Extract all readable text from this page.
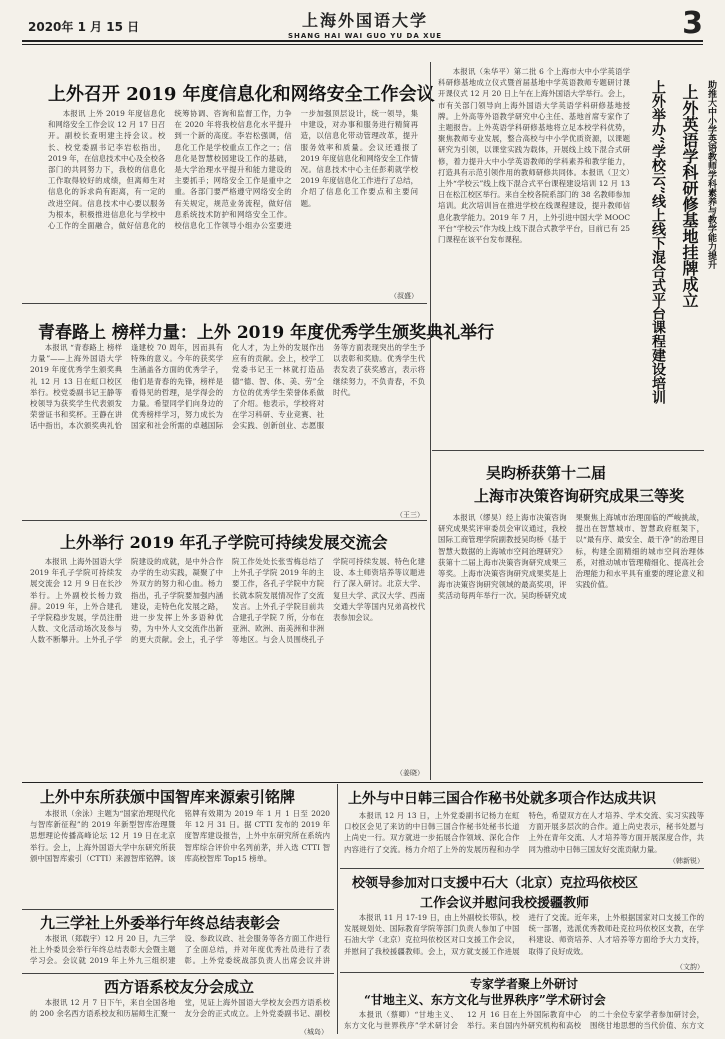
2020年 1 月 15 日	上海外国语大学
SHANG HAI WAI GUO YU DA XUE	3
上外召开 2019 年度信息化和网络安全工作会议

本报讯 上外 2019 年度信息化和网络安全工作会议 12 月 17 日召开。副校长查明建主持会议。校长、校党委副书记李岩松指出，2019 年，在信息技术中心及全校各部门的共同努力下，我校的信息化工作取得较好的成绩，但离师生对信息化的诉求尚有距离，有一定的改进空间。信息技术中心要以服务为根本，积极推进信息化与学校中心工作的全面融合，做好信息化的统筹协调、咨询和监督工作，力争在 2020 年将我校信息化水平提升到一个新的高度。李岩松强调，信息化工作是学校重点工作之一；信息化是智慧校园建设工作的基础，是大学治理水平提升和能力建设的主要抓手；网络安全工作是重中之重。各部门要严格遵守网络安全的有关规定，规范业务流程，做好信息系统技术防护和网络安全工作。校信息化工作领导小组办公室要进一步加强顶层设计，统一领导，集中建设，对办事和服务进行精简再造，以信息化带动管理改革，提升服务效率和质量。会议还通报了 2019 年度信息化和网络安全工作情况。信息技术中心主任彭莉就学校 2019 年度信息化工作进行了总结，介绍了信息化工作要点和主要问题。

（叔盛）
青春路上 榜样力量：上外 2019 年度优秀学生颁奖典礼举行

本报讯 “青春路上 榜样力量”——上海外国语大学 2019 年度优秀学生颁奖典礼 12 月 13 日在虹口校区举行。校党委副书记王静等校领导为获奖学生代表颁发荣誉证书和奖杯。王静在讲话中指出，本次颁奖典礼恰逢建校 70 周年，因而具有特殊的意义。今年的获奖学生涵盖各方面的优秀学子，他们是青春的先锋，榜样是看得见的哲理，是学得会的力量。希望同学们向身边的优秀榜样学习，努力成长为国家和社会所需的卓越国际化人才，为上外的发展作出应有的贡献。会上，校学工党委书记王一林就打造品德“德、智、体、美、劳”全方位的优秀学生荣誉体系做了介绍。他表示，学校将对在学习科研、专业竞赛、社会实践、创新创业、志愿服务等方面表现突出的学生予以表彰和奖励。优秀学生代表发表了获奖感言，表示将继续努力，不负青春，不负时代。

（王三）
上外举行 2019 年孔子学院可持续发展交流会

本报讯 上海外国语大学 2019 年孔子学院可持续发展交流会 12 月 9 日在长沙举行。上外副校长杨力致辞。2019 年，上外合建孔子学院稳步发展，学员注册人数、文化活动场次及参与人数不断攀升。上外孔子学院建设的成就，是中外合作办学的生动实践，凝聚了中外双方的努力和心血。杨力指出，孔子学院要加强内涵建设，走特色化发展之路，进一步发挥上外多语种优势，为中外人文交流作出新的更大贡献。会上，孔子学院工作处处长张雪梅总结了上外孔子学院 2019 年的主要工作，各孔子学院中方院长就本院发展情况作了交流发言。上外孔子学院目前共合建孔子学院 7 所，分布在亚洲、欧洲、南美洲和非洲等地区。与会人员围绕孔子学院可持续发展、特色化建设、本土师资培养等议题进行了深入研讨。北京大学、复旦大学、武汉大学、西南交通大学等国内兄弟高校代表参加会议。

（姜晓）

本报讯（朱华平）第二批 6 个上海市大中小学英语学科研修基地成立仪式暨首届基地中学英语教师专题研讨课开课仪式 12 月 20 日上午在上海外国语大学举行。会上，市有关部门领导向上海外国语大学英语学科研修基地授牌。上外高等外语教学研究中心主任、基地首席专家作了主题报告。上外英语学科研修基地将立足本校学科优势，聚焦教师专业发展，整合高校与中小学优质资源，以课题研究为引领，以课堂实践为载体，开展线上线下混合式研修，着力提升大中小学英语教师的学科素养和教学能力，打造具有示范引领作用的教师研修共同体。本报讯（卫文）上外“学校云”线上线下混合式平台课程建设培训 12 月 13 日在松江校区举行。来自全校各院系部门的 38 名教师参加培训。此次培训旨在推进学校在线课程建设，提升教师信息化教学能力。2019 年 7 月，上外引进中国大学 MOOC 平台“学校云”作为线上线下混合式教学平台，目前已有 25 门课程在该平台发布课程。	助推大中小学英语教师学科素养与教学能力提升
上外英语学科研修基地挂牌成立
上外举办“学校云”线上线下混合式平台课程建设培训
吴昀桥获第十二届
上海市决策咨询研究成果三等奖

本报讯（缪昊）经上海市决策咨询研究成果奖评审委员会审议通过，我校国际工商管理学院副教授吴昀桥《基于智慧大数据的上海城市空间治理研究》获第十二届上海市决策咨询研究成果三等奖。上海市决策咨询研究成果奖是上海市决策咨询研究领域的最高奖项，评奖活动每两年举行一次。吴昀桥研究成果聚焦上海城市治理面临的严峻挑战，提出在智慧城市、智慧政府框架下，以“最有序、最安全、最干净”的治理目标，构建全面精细的城市空间治理体系，对推动城市管理精细化、提高社会治理能力和水平具有重要的理论意义和实践价值。

上外中东所获颁中国智库来源索引铭牌

本报讯（余泳）主题为“国家治理现代化与智库新征程”的 2019 年新型智库治理暨思想理论传播高峰论坛 12 月 19 日在北京举行。会上，上海外国语大学中东研究所获颁中国智库索引（CTTI）来源智库铭牌。该铭牌有效期为 2019 年 1 月 1 日至 2020 年 12 月 31 日。据 CTTI 发布的 2019 年度智库建设报告，上外中东研究所在系统内智库综合评价中名列前茅，并入选 CTTI 智库高校智库 Top15 榜单。

九三学社上外委举行年终总结表彰会

本报讯（郑载宇）12 月 20 日，九三学社上外委员会举行年终总结表彰大会暨主题学习会。会议就 2019 年上外九三组织建设、参政议政、社会服务等各方面工作进行了全面总结，并对年度优秀社员进行了表彰。上外党委统战部负责人出席会议并讲

西方语系校友分会成立

本报讯 12 月 7 日下午，来自全国各地的 200 余名西方语系校友和历届师生汇聚一堂，见证上海外国语大学校友会西方语系校友分会的正式成立。上外党委副书记、副校

（城岛）
上外与中日韩三国合作秘书处就多项合作达成共识

本报讯 12 月 13 日，上外党委副书记杨力在虹口校区会见了来访的中日韩三国合作秘书处秘书长道上尚史一行。双方就进一步拓展合作领域、深化合作内容进行了交流。杨力介绍了上外的发展历程和办学特色，希望双方在人才培养、学术交流、实习实践等方面开展多层次的合作。道上尚史表示，秘书处愿与上外在青年交流、人才培养等方面开展深度合作，共同为推动中日韩三国友好交流贡献力量。

（韩新锐）
校领导参加对口支援中石大（北京）克拉玛依校区
工作会议并慰问我校援疆教师

本报讯 11 月 17-19 日，由上外副校长带队，校发展规划处、国际教育学院等部门负责人参加了中国石油大学（北京）克拉玛依校区对口支援工作会议，并慰问了我校援疆教师。会上，双方就支援工作进展进行了交流。近年来，上外根据国家对口支援工作的统一部署，选派优秀教师赴克拉玛依校区支教，在学科建设、师资培养、人才培养等方面给予大力支持，取得了良好成效。

（文韵）
专家学者聚上外研讨
“甘地主义、东方文化与世界秩序”学术研讨会

本报讯（蔡卿）“甘地主义、东方文化与世界秩序”学术研讨会 12 月 16 日在上外国际教育中心举行。来自国内外研究机构和高校的二十余位专家学者参加研讨会，围绕甘地思想的当代价值、东方文
